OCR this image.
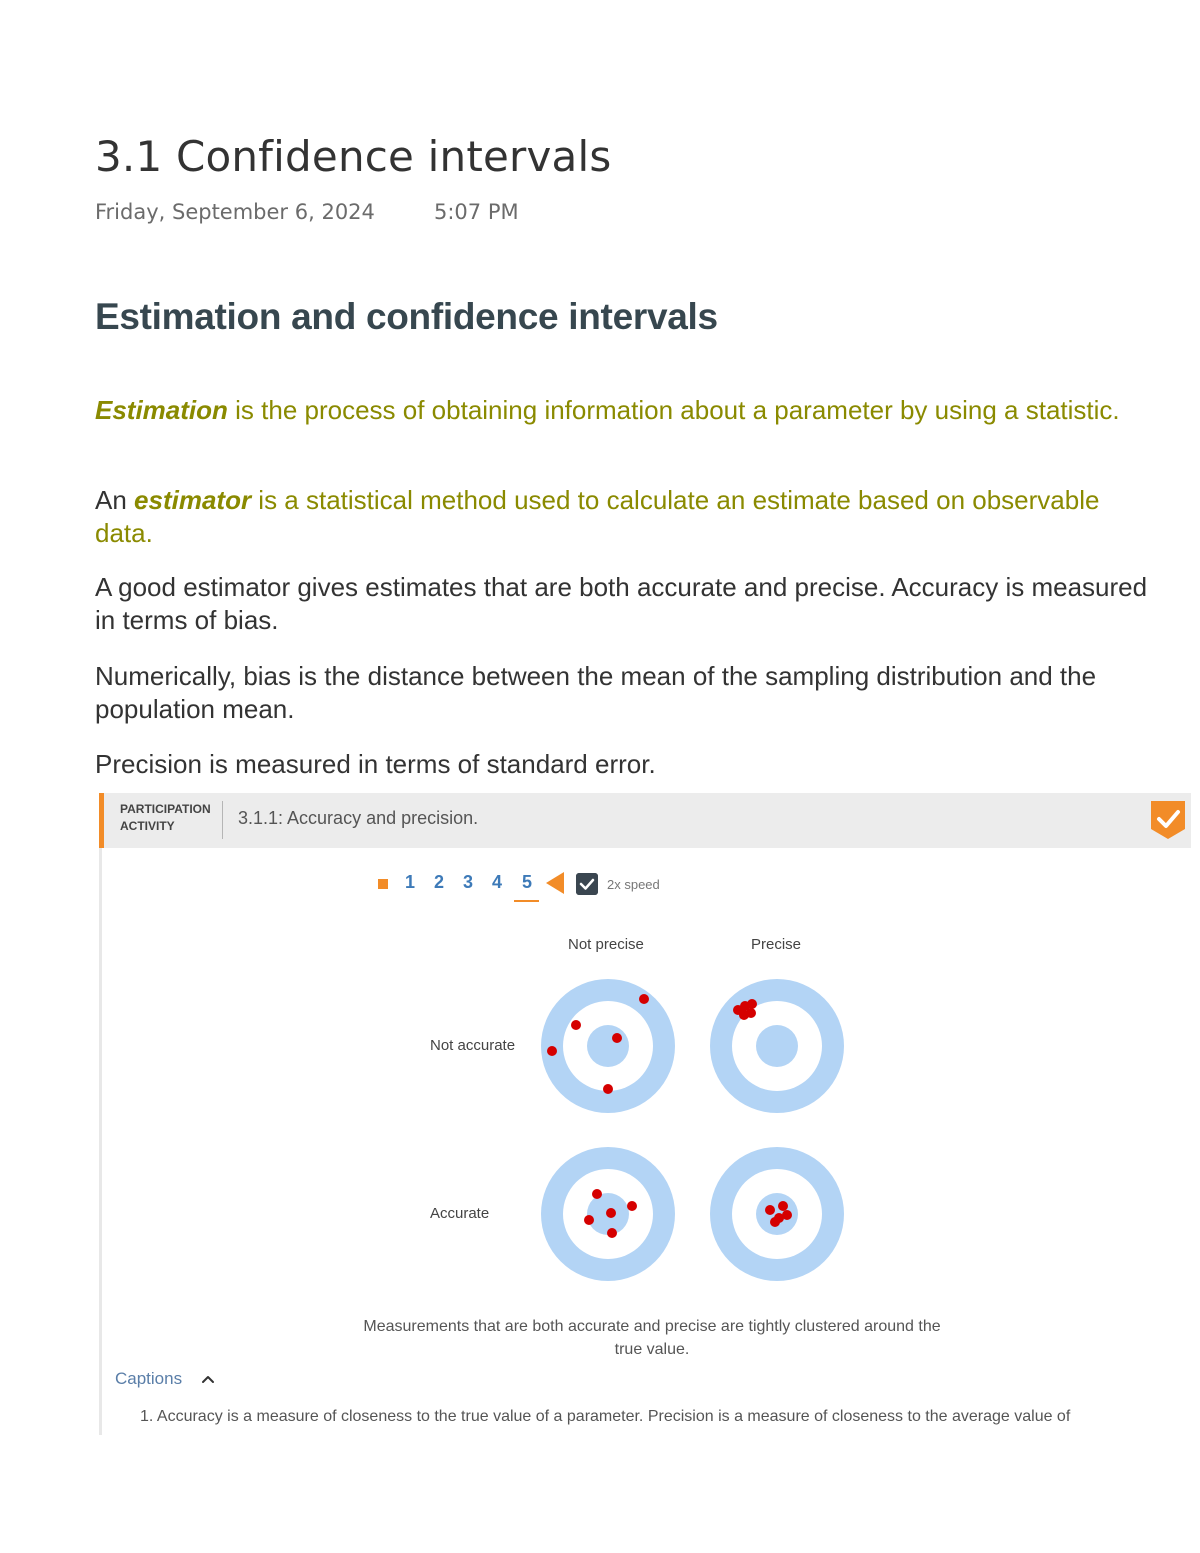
3.1 Confidence intervals
Friday, September 6, 2024	5:07 PM
Estimation and confidence intervals
Estimation is the process of obtaining information about a parameter by using a statistic.
An estimator is a statistical method used to calculate an estimate based on observable data.
A good estimator gives estimates that are both accurate and precise. Accuracy is measured in terms of bias.
Numerically, bias is the distance between the mean of the sampling distribution and the population mean.
Precision is measured in terms of standard error.
PARTICIPATION ACTIVITY	3.1.1: Accuracy and precision.
1 2 3 4 5	2x speed
Not precise	Precise
Not accurate
Accurate
Measurements that are both accurate and precise are tightly clustered around the true value.
Captions
1. Accuracy is a measure of closeness to the true value of a parameter. Precision is a measure of closeness to the average value of
